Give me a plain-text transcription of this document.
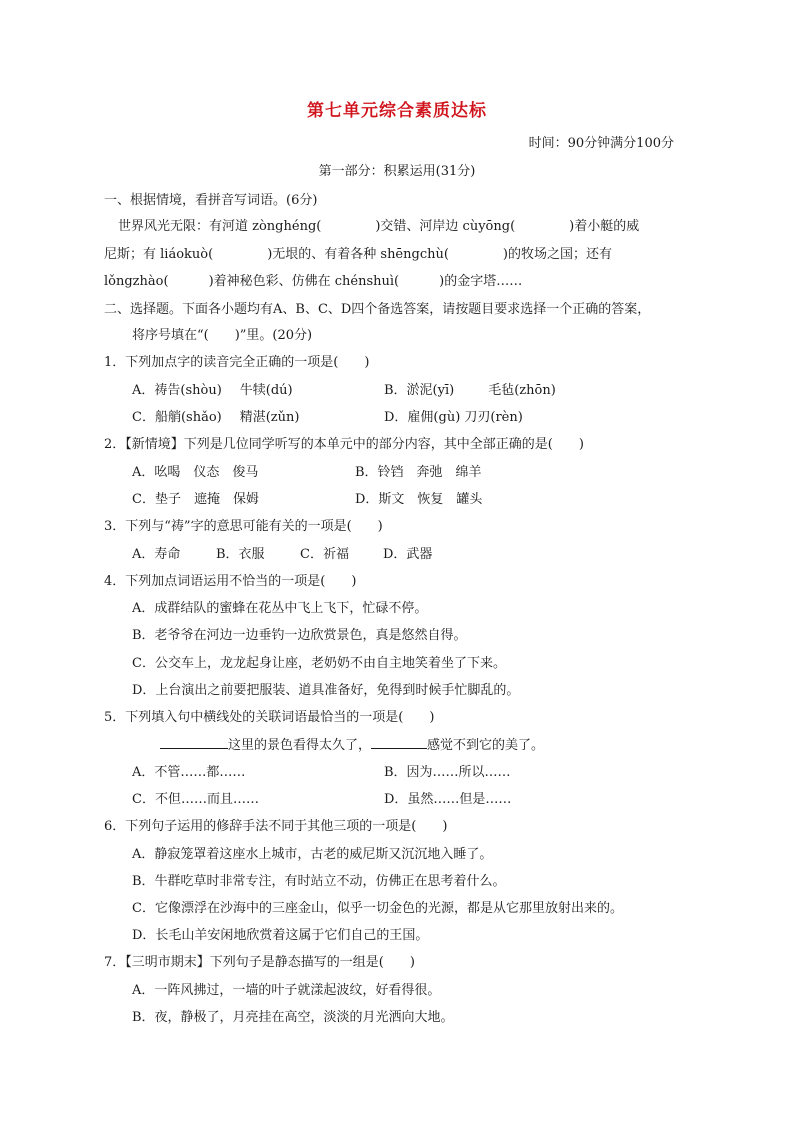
第七单元综合素质达标
时间：90分钟满分100分
第一部分：积累运用(31分)
一、根据情境，看拼音写词语。(6分)
世界风光无限：有河道 zònghéng(	)交错、河岸边 cùyōng(	)着小艇的威
尼斯；有 liáokuò(	)无垠的、有着各种 shēngchù(	)的牧场之国；还有
lǒngzhào(	)着神秘色彩、仿佛在 chénshuì(	)的金字塔……
二、选择题。下面各小题均有A、B、C、D四个备选答案，请按题目要求选择一个正确的答案，
将序号填在“(　　)”里。(20分)
1．下列加点字的读音完全正确的一项是(　　)
A．祷告(shòu) 牛犊(dú)	B．淤泥(yī)	毛毡(zhōn)
C．船艄(shǎo) 精湛(zǔn)	D．雇佣(gù) 刀刃(rèn)
2．【新情境】下列是几位同学听写的本单元中的部分内容，其中全部正确的是(　　)
A．吆喝　仪态　俊马	B．铃铛　奔弛　绵羊
C．垫子　遮掩　保姆	D．斯文　恢复　罐头
3．下列与“祷”字的意思可能有关的一项是(　　)
A．寿命	B．衣服	C．祈福	D．武器
4．下列加点词语运用不恰当的一项是(　　)
A．成群结队的蜜蜂在花丛中飞上飞下，忙碌不停。
B．老爷爷在河边一边垂钓一边欣赏景色，真是悠然自得。
C．公交车上，龙龙起身让座，老奶奶不由自主地笑着坐了下来。
D．上台演出之前要把服装、道具准备好，免得到时候手忙脚乱的。
5．下列填入句中横线处的关联词语最恰当的一项是(　　)
这里的景色看得太久了，	感觉不到它的美了。
A．不管……都……	B．因为……所以……
C．不但……而且……	D．虽然……但是……
6．下列句子运用的修辞手法不同于其他三项的一项是(　　)
A．静寂笼罩着这座水上城市，古老的威尼斯又沉沉地入睡了。
B．牛群吃草时非常专注，有时站立不动，仿佛正在思考着什么。
C．它像漂浮在沙海中的三座金山，似乎一切金色的光源，都是从它那里放射出来的。
D．长毛山羊安闲地欣赏着这属于它们自己的王国。
7．【三明市期末】下列句子是静态描写的一组是(　　)
A．一阵风拂过，一墙的叶子就漾起波纹，好看得很。
B．夜，静极了，月亮挂在高空，淡淡的月光洒向大地。
